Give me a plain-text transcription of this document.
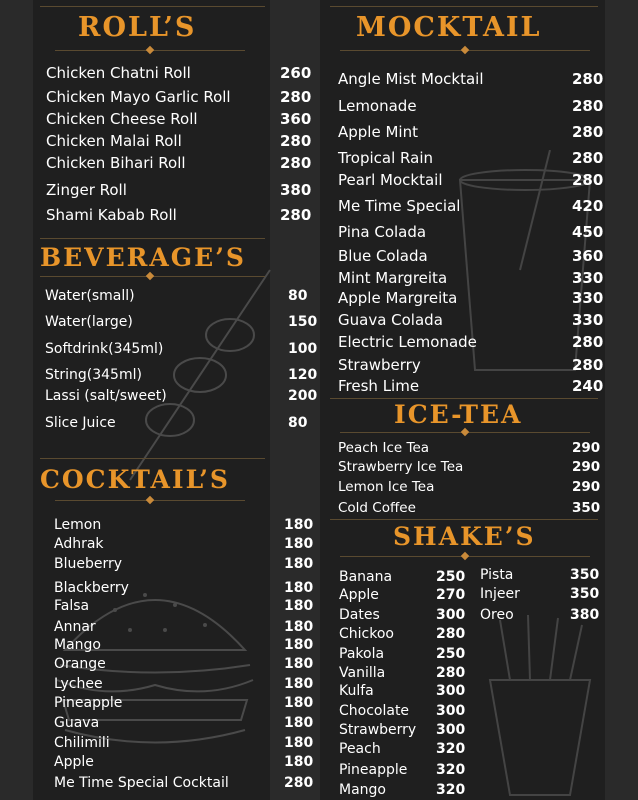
ROLL’S
Chicken Chatni Roll	260
Chicken Mayo Garlic Roll	280
Chicken Cheese Roll	360
Chicken Malai Roll	280
Chicken Bihari Roll	280
Zinger Roll	380
Shami Kabab Roll	280
BEVERAGE’S
Water(small)	80
Water(large)	150
Softdrink(345ml)	100
String(345ml)	120
Lassi (salt/sweet)	200
Slice Juice	80
COCKTAIL’S
Lemon	180
Adhrak	180
Blueberry	180
Blackberry	180
Falsa	180
Annar	180
Mango	180
Orange	180
Lychee	180
Pineapple	180
Guava	180
Chilimili	180
Apple	180
Me Time Special Cocktail	280
MOCKTAIL
Angle Mist Mocktail	280
Lemonade	280
Apple Mint	280
Tropical Rain	280
Pearl Mocktail	280
Me Time Special	420
Pina Colada	450
Blue Colada	360
Mint Margreita	330
Apple Margreita	330
Guava Colada	330
Electric Lemonade	280
Strawberry	280
Fresh Lime	240
ICE-TEA
Peach Ice Tea	290
Strawberry Ice Tea	290
Lemon Ice Tea	290
Cold Coffee	350
SHAKE’S
Banana	250
Apple	270
Dates	300
Chickoo	280
Pakola	250
Vanilla	280
Kulfa	300
Chocolate 300
Strawberry 300
Peach	320
Pineapple 320
Mango	320
Pista	350
Injeer	350
Oreo	380
